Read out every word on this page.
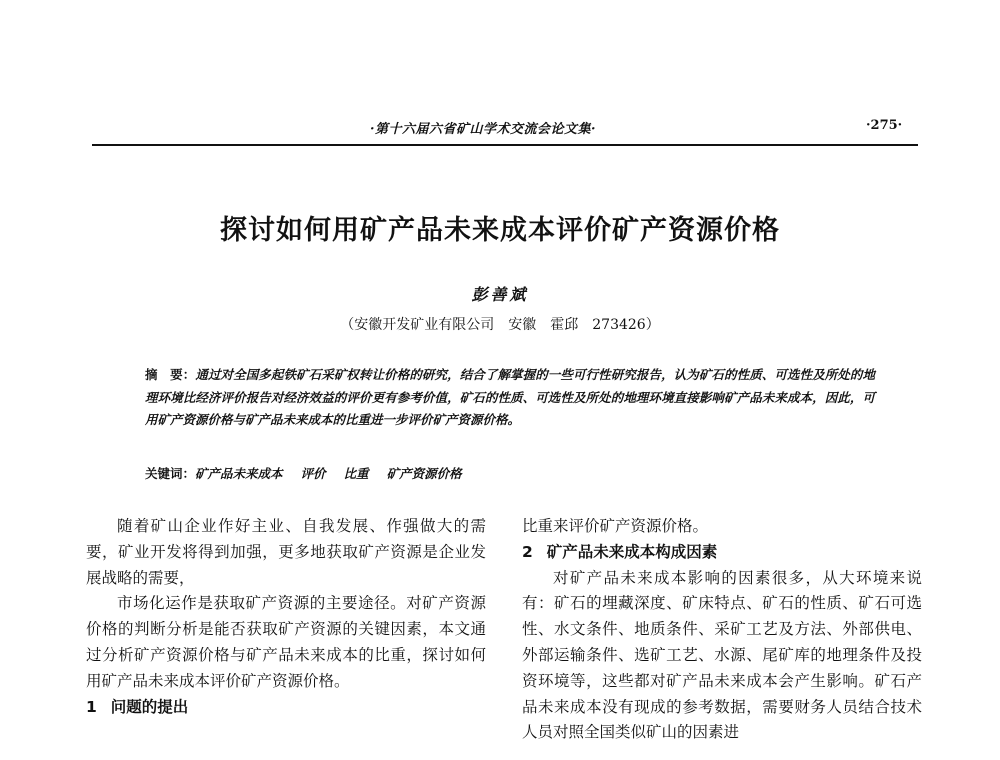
·第十六届六省矿山学术交流会论文集·	·275·
探讨如何用矿产品未来成本评价矿产资源价格
彭善斌
（安徽开发矿业有限公司　安徽　霍邱　273426）
摘　要：通过对全国多起铁矿石采矿权转让价格的研究，结合了解掌握的一些可行性研究报告，认为矿石的性质、可选性及所处的地理环境比经济评价报告对经济效益的评价更有参考价值，矿石的性质、可选性及所处的地理环境直接影响矿产品未来成本，因此，可用矿产资源价格与矿产品未来成本的比重进一步评价矿产资源价格。
关键词：矿产品未来成本 评价 比重 矿产资源价格

随着矿山企业作好主业、自我发展、作强做大的需要，矿业开发将得到加强，更多地获取矿产资源是企业发展战略的需要，

市场化运作是获取矿产资源的主要途径。对矿产资源价格的判断分析是能否获取矿产资源的关键因素，本文通过分析矿产资源价格与矿产品未来成本的比重，探讨如何用矿产品未来成本评价矿产资源价格。

1 问题的提出

比重来评价矿产资源价格。

2 矿产品未来成本构成因素

对矿产品未来成本影响的因素很多，从大环境来说有：矿石的埋藏深度、矿床特点、矿石的性质、矿石可选性、水文条件、地质条件、采矿工艺及方法、外部供电、外部运输条件、选矿工艺、水源、尾矿库的地理条件及投资环境等，这些都对矿产品未来成本会产生影响。矿石产品未来成本没有现成的参考数据，需要财务人员结合技术人员对照全国类似矿山的因素进
